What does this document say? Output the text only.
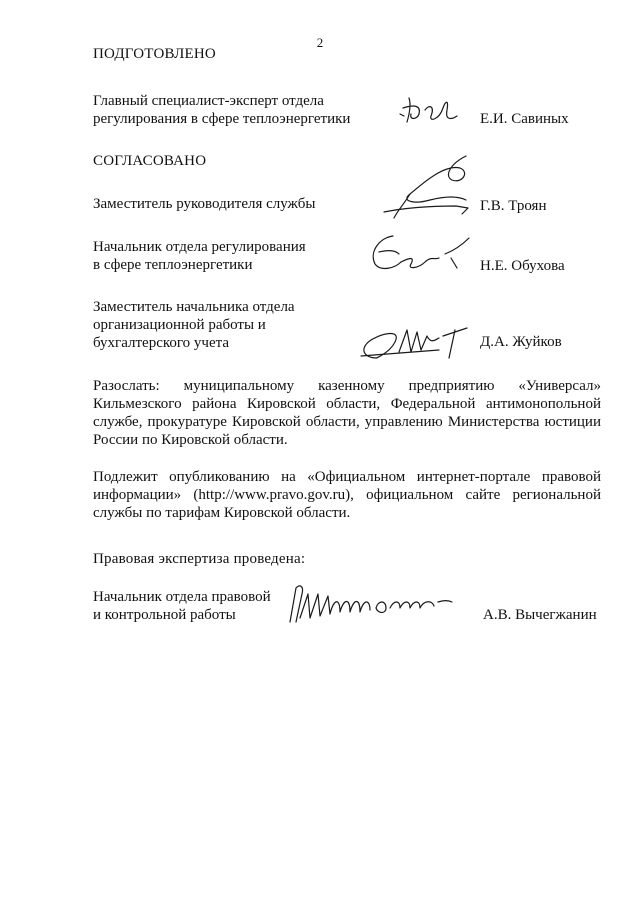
2
ПОДГОТОВЛЕНО
Главный специалист-эксперт отдела
регулирования в сфере теплоэнергетики	Е.И. Савиных
СОГЛАСОВАНО
Заместитель руководителя службы	Г.В. Троян
Начальник отдела регулирования
в сфере теплоэнергетики	Н.Е. Обухова
Заместитель начальника отдела
организационной работы и
бухгалтерского учета	Д.А. Жуйков
Разослать: муниципальному казенному предприятию «Универсал» Кильмезского района Кировской области, Федеральной антимонопольной службе, прокуратуре Кировской области, управлению Министерства юстиции России по Кировской области.
Подлежит опубликованию на «Официальном интернет-портале правовой информации» (http://www.pravo.gov.ru), официальном сайте региональной службы по тарифам Кировской области.
Правовая экспертиза проведена:
Начальник отдела правовой
и контрольной работы	А.В. Вычегжанин
